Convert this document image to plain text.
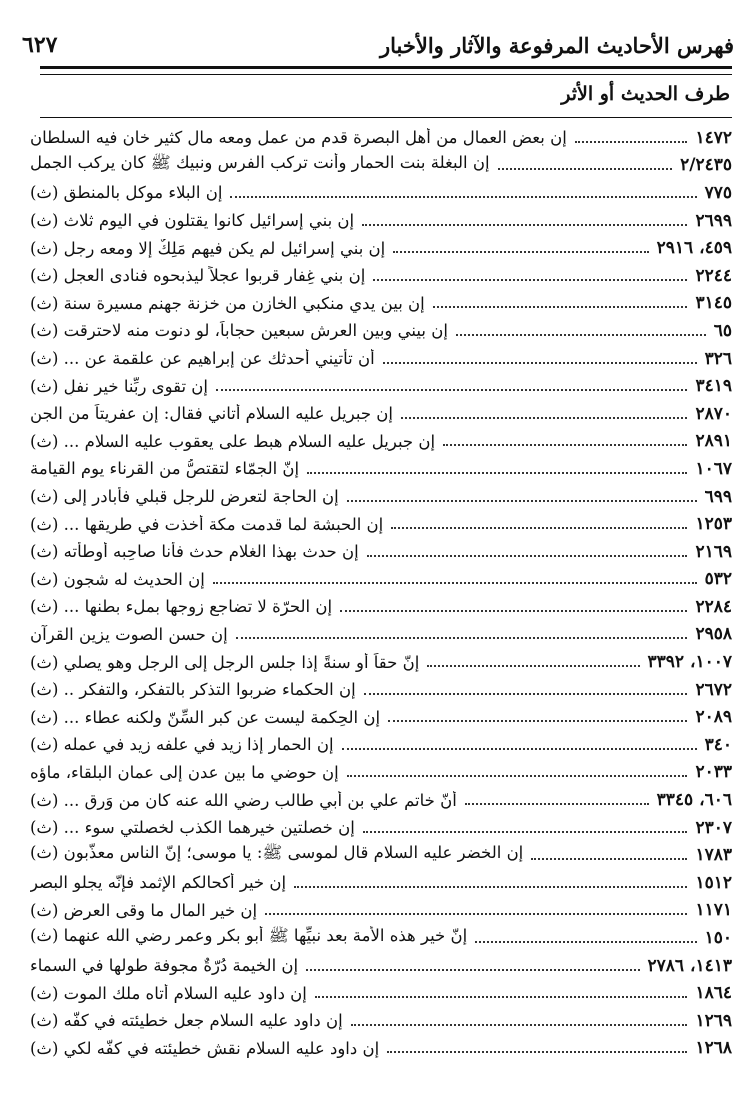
فهرس الأحاديث المرفوعة والآثار والأخبار
٦٢٧
طرف الحديث أو الأثر
إن بعض العمال من أهل البصرة قدم من عمل ومعه مال كثير خان فيه السلطان	١٤٧٢
إن البغلة بنت الحمار وأنت تركب الفرس ونبيك ﷺ كان يركب الجمل	٢/٢٤٣٥
إن البلاء موكل بالمنطق (ث)	٧٧٥
إن بني إسرائيل كانوا يقتلون في اليوم ثلاث (ث)	٢٦٩٩
إن بني إسرائيل لم يكن فيهم مَلِكٌ إلا ومعه رجل (ث)	٤٥٩، ٢٩١٦
إن بني غِفار قربوا عجلاً ليذبحوه فنادى العجل (ث)	٢٢٤٤
إن بين يدي منكبي الخازن من خزنة جهنم مسيرة سنة (ث)	٣١٤٥
إن بيني وبين العرش سبعين حجاباً، لو دنوت منه لاحترقت (ث)	٦٥
أن تأتيني أحدثك عن إبراهيم عن علقمة عن ... (ث)	٣٢٦
إن تقوى ربِّنا خير نفلٍ (ث)	٣٤١٩
إن جبريل عليه السلام أتاني فقال: إن عفريتاً من الجن	٢٨٧٠
إن جبريل عليه السلام هبط على يعقوب عليه السلام ... (ث)	٢٨٩١
إنّ الجمّاء لتقتصُّ من القرناء يوم القيامة	١٠٦٧
إن الحاجة لتعرض للرجل قبلي فأبادر إلى (ث)	٦٩٩
إن الحبشة لما قدمت مكة أخذت في طريقها ... (ث)	١٢٥٣
إن حدث بهذا الغلام حدث فأنا صاحِبه أوطأته (ث)	٢١٦٩
إن الحديث له شجون (ث)	٥٣٢
إن الحرّة لا تضاجع زوجها بملء بطنها ... (ث)	٢٢٨٤
إن حسن الصوت يزين القرآن	٢٩٥٨
إنّ حقاً أو سنةً إذا جلس الرجل إلى الرجل وهو يصلي (ث)	١٠٠٧، ٣٣٩٢
إن الحكماء ضربوا التذكر بالتفكر، والتفكر .. (ث)	٢٦٧٢
إن الحِكمة ليست عن كبر السِّنّ ولكنه عطاء ... (ث)	٢٠٨٩
إن الحمار إذا زيد في علفه زيد في عمله (ث)	٣٤٠
إن حوضي ما بين عدن إلى عمان البلقاء، ماؤه	٢٠٣٣
أنّ خاتم علي بن أبي طالب رضي الله عنه كان من وَرِقٍ ... (ث)	٦٠٦، ٣٣٤٥
إن خصلتين خيرهما الكذب لخصلتي سوء ... (ث)	٢٣٠٧
إن الخضر عليه السلام قال لموسى ﷺ: يا موسى؛ إنّ الناس معذّبون (ث)	١٧٨٣
إن خير أكحالكم الإثمد فإنّه يجلو البصر	١٥١٢
إن خير المال ما وقى العرض (ث)	١١٧١
إنّ خير هذه الأمة بعد نبيِّها ﷺ أبو بكر وعمر رضي الله عنهما (ث)	١٥٠
إن الخيمة دُرّةٌ مجوفة طولها في السماء	١٤١٣، ٢٧٨٦
إن داود عليه السلام أتاه ملك الموت (ث)	١٨٦٤
إن داود عليه السلام جعل خطيئته في كفّه (ث)	١٢٦٩
إن داود عليه السلام نقش خطيئته في كفّه لكي (ث)	١٢٦٨
